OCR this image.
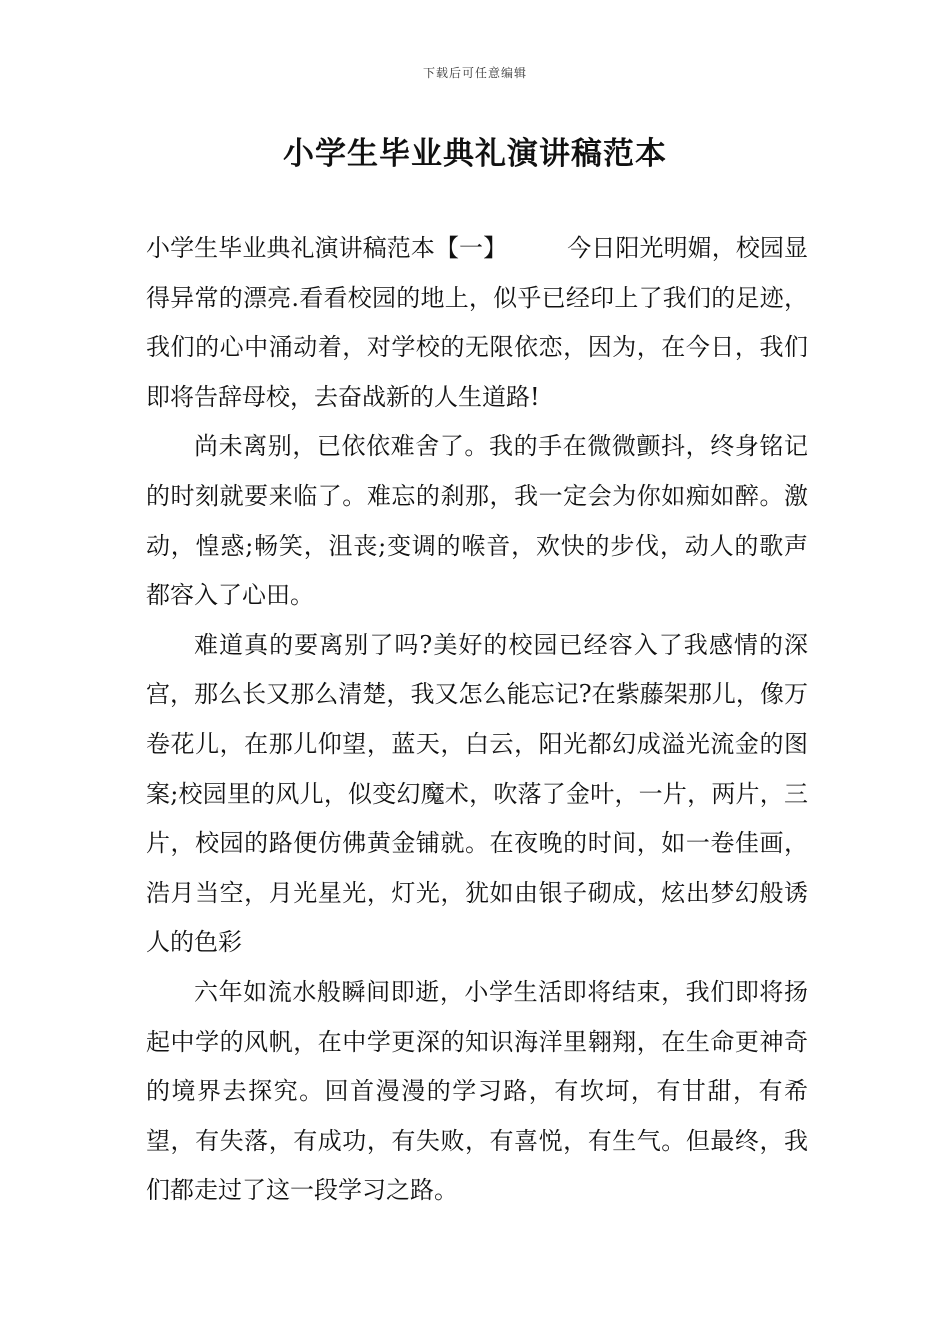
下载后可任意编辑
小学生毕业典礼演讲稿范本

小学生毕业典礼演讲稿范本【一】	今日阳光明媚，校园显得异常的漂亮.看看校园的地上，似乎已经印上了我们的足迹，我们的心中涌动着，对学校的无限依恋，因为，在今日，我们即将告辞母校，去奋战新的人生道路!

尚未离别，已依依难舍了。我的手在微微颤抖，终身铭记的时刻就要来临了。难忘的刹那，我一定会为你如痴如醉。激动，惶惑;畅笑，沮丧;变调的喉音，欢快的步伐，动人的歌声都容入了心田。

难道真的要离别了吗?美好的校园已经容入了我感情的深宫，那么长又那么清楚，我又怎么能忘记?在紫藤架那儿，像万卷花儿，在那儿仰望，蓝天，白云，阳光都幻成溢光流金的图案;校园里的风儿，似变幻魔术，吹落了金叶，一片，两片，三片，校园的路便仿佛黄金铺就。在夜晚的时间，如一卷佳画，浩月当空，月光星光，灯光，犹如由银子砌成，炫出梦幻般诱人的色彩

六年如流水般瞬间即逝，小学生活即将结束，我们即将扬起中学的风帆，在中学更深的知识海洋里翱翔，在生命更神奇的境界去探究。回首漫漫的学习路，有坎坷，有甘甜，有希望，有失落，有成功，有失败，有喜悦，有生气。但最终，我们都走过了这一段学习之路。
